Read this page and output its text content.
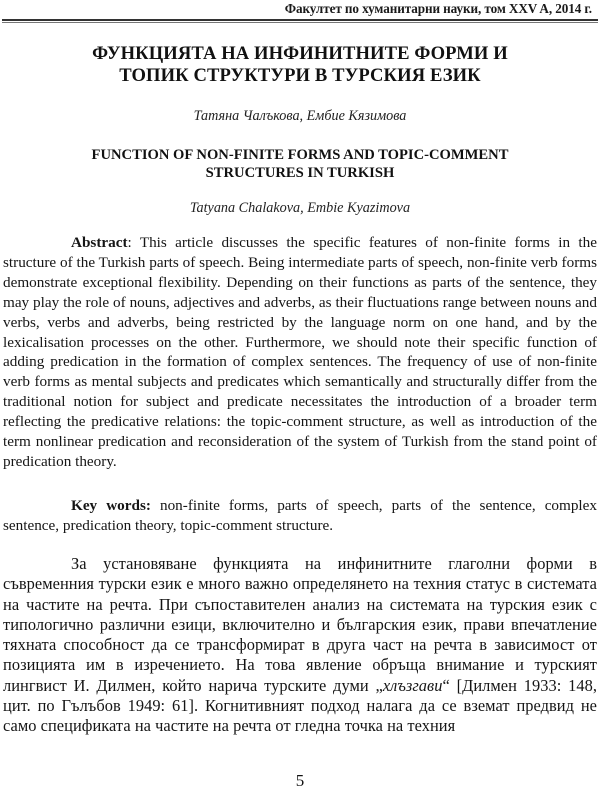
Факултет по хуманитарни науки, том XXV A, 2014 г.
ФУНКЦИЯТА НА ИНФИНИТНИТЕ ФОРМИ И
ТОПИК СТРУКТУРИ В ТУРСКИЯ ЕЗИК
Татяна Чалъкова, Ембие Кязимова
FUNCTION OF NON-FINITE FORMS AND TOPIC-COMMENT
STRUCTURES IN TURKISH
Tatyana Chalakova, Embie Kyazimova

Abstract: This article discusses the specific features of non-finite forms in the structure of the Turkish parts of speech. Being intermediate parts of speech, non-finite verb forms demonstrate exceptional flexibility. Depending on their functions as parts of the sentence, they may play the role of nouns, adjectives and adverbs, as their fluctuations range between nouns and verbs, verbs and adverbs, being restricted by the language norm on one hand, and by the lexicalisation processes on the other. Furthermore, we should note their specific function of adding predication in the formation of complex sentences. The frequency of use of non-finite verb forms as mental subjects and predicates which semantically and structurally differ from the traditional notion for subject and predicate necessitates the introduction of a broader term reflecting the predicative relations: the topic-comment structure, as well as introduction of the term nonlinear predication and reconsideration of the system of Turkish from the stand point of predication theory.

Key words: non-finite forms, parts of speech, parts of the sentence, complex sentence, predication theory, topic-comment structure.

За установяване функцията на инфинитните глаголни форми в съвременния турски език е много важно определянето на техния статус в системата на частите на речта. При съпоставителен анализ на системата на турския език с типологично различни езици, включително и българския език, прави впечатление тяхната способност да се трансформират в друга част на речта в зависимост от позицията им в изречението. На това явление обръща внимание и турският лингвист И. Дилмен, който нарича турските думи „хлъзгави“ [Дилмен 1933: 148, цит. по Гълъбов 1949: 61]. Когнитивният подход налага да се вземат предвид не само спецификата на частите на речта от гледна точка на техния

5
